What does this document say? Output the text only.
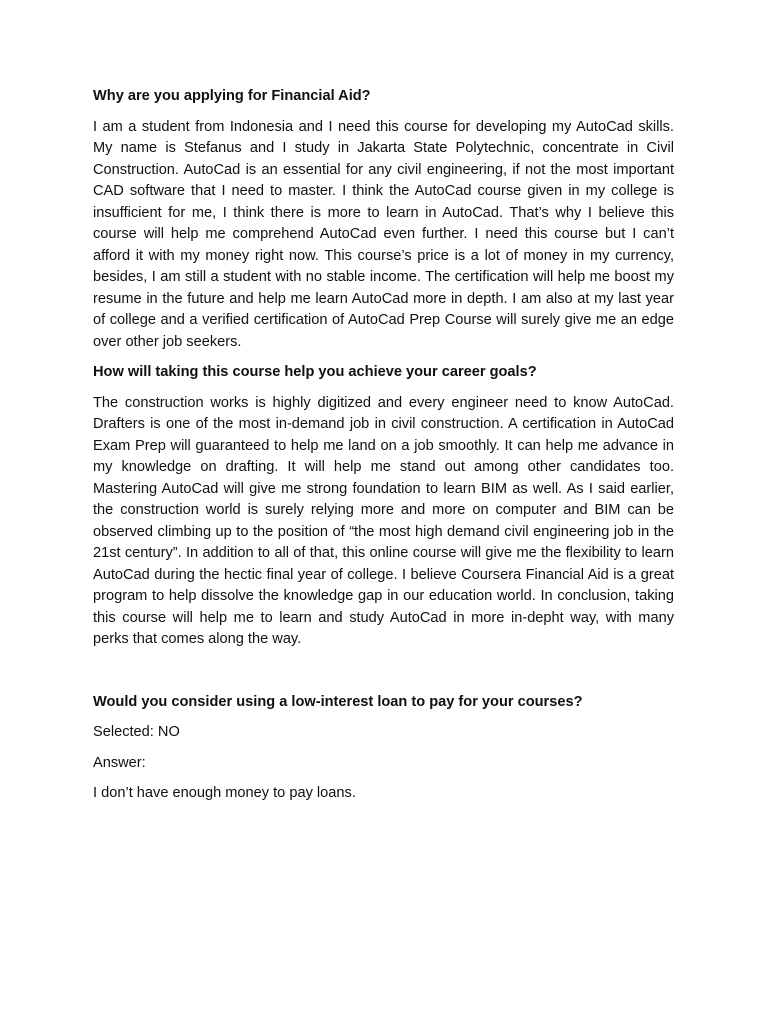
Why are you applying for Financial Aid?
I am a student from Indonesia and I need this course for developing my AutoCad skills. My name is Stefanus and I study in Jakarta State Polytechnic, concentrate in Civil Construction. AutoCad is an essential for any civil engineering, if not the most important CAD software that I need to master. I think the AutoCad course given in my college is insufficient for me, I think there is more to learn in AutoCad. That’s why I believe this course will help me comprehend AutoCad even further. I need this course but I can’t afford it with my money right now. This course’s price is a lot of money in my currency, besides, I am still a student with no stable income. The certification will help me boost my resume in the future and help me learn AutoCad more in depth. I am also at my last year of college and a verified certification of AutoCad Prep Course will surely give me an edge over other job seekers.
How will taking this course help you achieve your career goals?
The construction works is highly digitized and every engineer need to know AutoCad. Drafters is one of the most in-demand job in civil construction. A certification in AutoCad Exam Prep will guaranteed to help me land on a job smoothly. It can help me advance in my knowledge on drafting. It will help me stand out among other candidates too. Mastering AutoCad will give me strong foundation to learn BIM as well. As I said earlier, the construction world is surely relying more and more on computer and BIM can be observed climbing up to the position of “the most high demand civil engineering job in the 21st century”. In addition to all of that, this online course will give me the flexibility to learn AutoCad during the hectic final year of college. I believe Coursera Financial Aid is a great program to help dissolve the knowledge gap in our education world. In conclusion, taking this course will help me to learn and study AutoCad in more in-depht way, with many perks that comes along the way.
Would you consider using a low-interest loan to pay for your courses?
Selected: NO
Answer:
I don’t have enough money to pay loans.
